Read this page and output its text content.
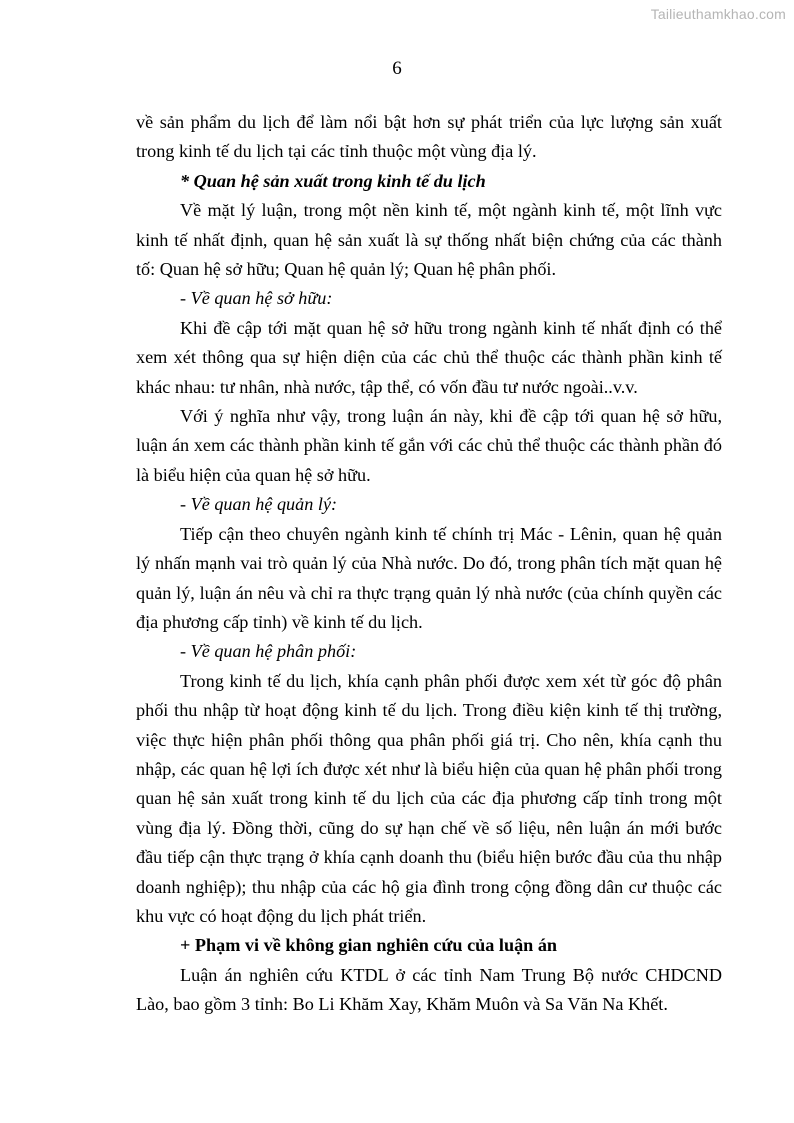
Tailieuthamkhao.com
6

về sản phẩm du lịch để làm nổi bật hơn sự phát triển của lực lượng sản xuất trong kinh tế du lịch tại các tỉnh thuộc một vùng địa lý.

* Quan hệ sản xuất trong kinh tế du lịch

Về mặt lý luận, trong một nền kinh tế, một ngành kinh tế, một lĩnh vực kinh tế nhất định, quan hệ sản xuất là sự thống nhất biện chứng của các thành tố: Quan hệ sở hữu; Quan hệ quản lý; Quan hệ phân phối.

- Về quan hệ sở hữu:

Khi đề cập tới mặt quan hệ sở hữu trong ngành kinh tế nhất định có thể xem xét thông qua sự hiện diện của các chủ thể thuộc các thành phần kinh tế khác nhau: tư nhân, nhà nước, tập thể, có vốn đầu tư nước ngoài..v.v.

Với ý nghĩa như vậy, trong luận án này, khi đề cập tới quan hệ sở hữu, luận án xem các thành phần kinh tế gắn với các chủ thể thuộc các thành phần đó là biểu hiện của quan hệ sở hữu.

- Về quan hệ quản lý:

Tiếp cận theo chuyên ngành kinh tế chính trị Mác - Lênin, quan hệ quản lý nhấn mạnh vai trò quản lý của Nhà nước. Do đó, trong phân tích mặt quan hệ quản lý, luận án nêu và chỉ ra thực trạng quản lý nhà nước (của chính quyền các địa phương cấp tỉnh) về kinh tế du lịch.

- Về quan hệ phân phối:

Trong kinh tế du lịch, khía cạnh phân phối được xem xét từ góc độ phân phối thu nhập từ hoạt động kinh tế du lịch. Trong điều kiện kinh tế thị trường, việc thực hiện phân phối thông qua phân phối giá trị. Cho nên, khía cạnh thu nhập, các quan hệ lợi ích được xét như là biểu hiện của quan hệ phân phối trong quan hệ sản xuất trong kinh tế du lịch của các địa phương cấp tỉnh trong một vùng địa lý. Đồng thời, cũng do sự hạn chế về số liệu, nên luận án mới bước đầu tiếp cận thực trạng ở khía cạnh doanh thu (biểu hiện bước đầu của thu nhập doanh nghiệp); thu nhập của các hộ gia đình trong cộng đồng dân cư thuộc các khu vực có hoạt động du lịch phát triển.

+ Phạm vi về không gian nghiên cứu của luận án

Luận án nghiên cứu KTDL ở các tỉnh Nam Trung Bộ nước CHDCND Lào, bao gồm 3 tỉnh: Bo Li Khăm Xay, Khăm Muôn và Sa Văn Na Khết.
